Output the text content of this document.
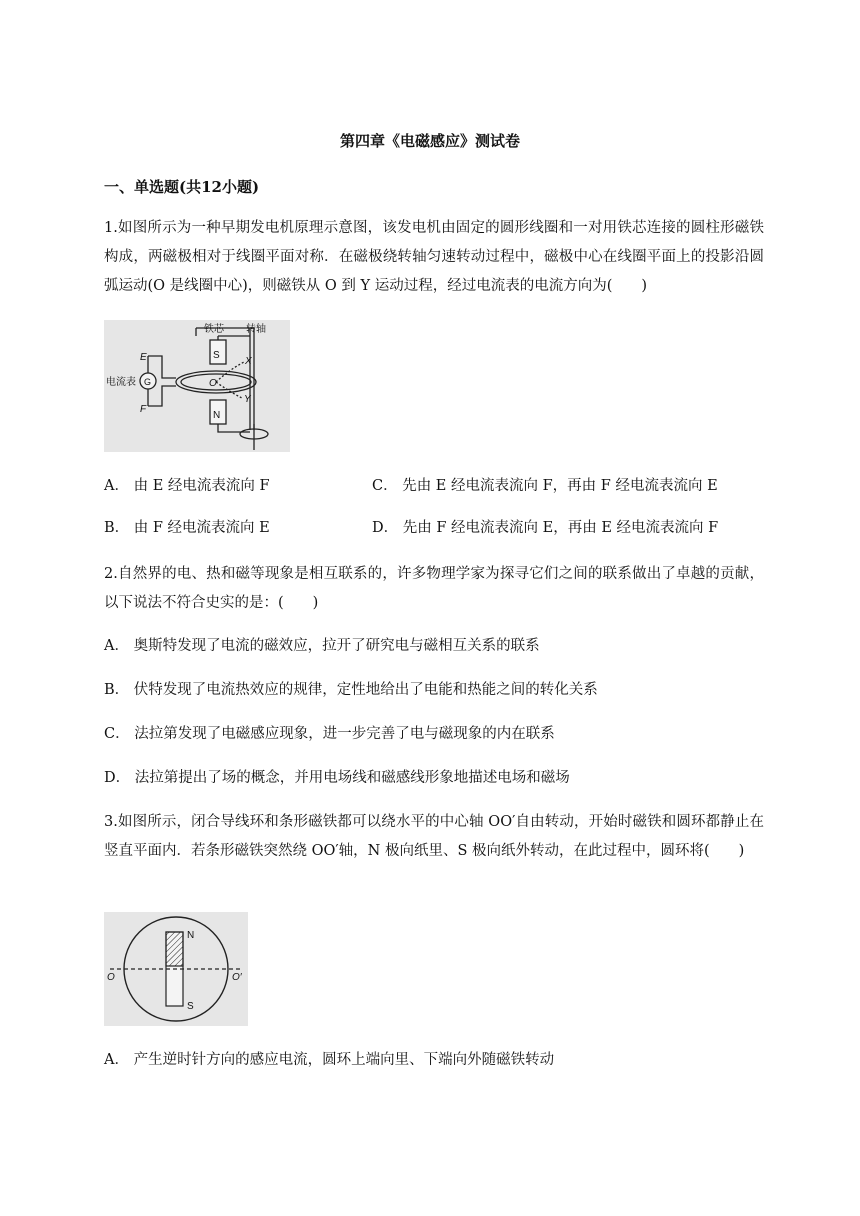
第四章《电磁感应》测试卷
一、单选题(共12小题)
1.如图所示为一种早期发电机原理示意图，该发电机由固定的圆形线圈和一对用铁芯连接的圆柱形磁铁构成，两磁极相对于线圈平面对称．在磁极绕转轴匀速转动过程中，磁极中心在线圈平面上的投影沿圆弧运动(O 是线圈中心)，则磁铁从 O 到 Y 运动过程，经过电流表的电流方向为(　　)
铁芯 转轴
S
N
X
O
Y
E
F
G
电流表
A． 由 E 经电流表流向 F	C． 先由 E 经电流表流向 F，再由 F 经电流表流向 E
B． 由 F 经电流表流向 E	D． 先由 F 经电流表流向 E，再由 E 经电流表流向 F
2.自然界的电、热和磁等现象是相互联系的，许多物理学家为探寻它们之间的联系做出了卓越的贡献，以下说法不符合史实的是：(　　)
A． 奥斯特发现了电流的磁效应，拉开了研究电与磁相互关系的联系
B． 伏特发现了电流热效应的规律，定性地给出了电能和热能之间的转化关系
C． 法拉第发现了电磁感应现象，进一步完善了电与磁现象的内在联系
D． 法拉第提出了场的概念，并用电场线和磁感线形象地描述电场和磁场
3.如图所示，闭合导线环和条形磁铁都可以绕水平的中心轴 OO′自由转动，开始时磁铁和圆环都静止在竖直平面内．若条形磁铁突然绕 OO′轴，N 极向纸里、S 极向纸外转动，在此过程中，圆环将(　　)
N
S
O	O′
A． 产生逆时针方向的感应电流，圆环上端向里、下端向外随磁铁转动
